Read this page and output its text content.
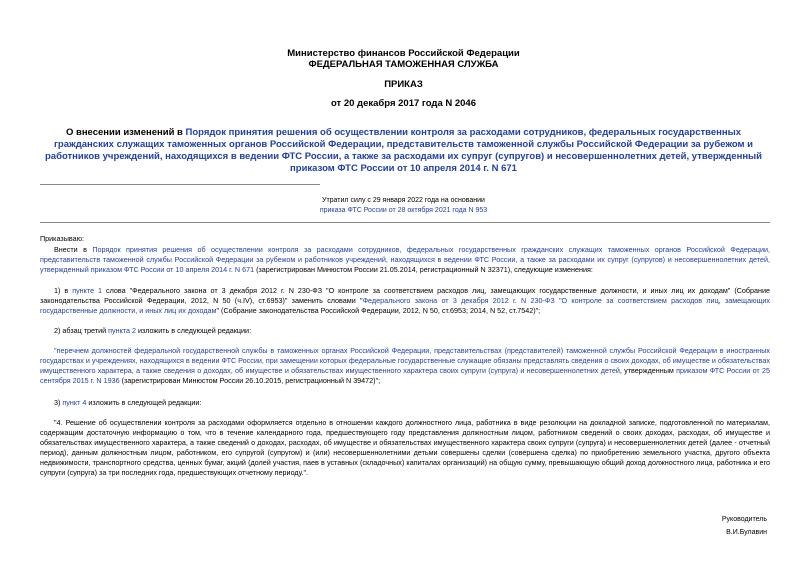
Министерство финансов Российской Федерации
ФЕДЕРАЛЬНАЯ ТАМОЖЕННАЯ СЛУЖБА
ПРИКАЗ
от 20 декабря 2017 года N 2046
О внесении изменений в Порядок принятия решения об осуществлении контроля за расходами сотрудников, федеральных государственных гражданских служащих таможенных органов Российской Федерации, представительств таможенной службы Российской Федерации за рубежом и работников учреждений, находящихся в ведении ФТС России, а также за расходами их супруг (супругов) и несовершеннолетних детей, утвержденный приказом ФТС России от 10 апреля 2014 г. N 671
Утратил силу с 29 января 2022 года на основании
приказа ФТС России от 28 октября 2021 года N 953
Приказываю:
Внести в Порядок принятия решения об осуществлении контроля за расходами сотрудников, федеральных государственных гражданских служащих таможенных органов Российской Федерации, представительств таможенной службы Российской Федерации за рубежом и работников учреждений, находящихся в ведении ФТС России, а также за расходами их супруг (супругов) и несовершеннолетних детей, утвержденный приказом ФТС России от 10 апреля 2014 г. N 671 (зарегистрирован Минюстом России 21.05.2014, регистрационный N 32371), следующие изменения:
1) в пункте 1 слова "Федерального закона от 3 декабря 2012 г. N 230-ФЗ "О контроле за соответствием расходов лиц, замещающих государственные должности, и иных лиц их доходам" (Собрание законодательства Российской Федерации, 2012, N 50 (ч.IV), ст.6953)" заменить словами "Федерального закона от 3 декабря 2012 г. N 230-ФЗ "О контроле за соответствием расходов лиц, замещающих государственные должности, и иных лиц их доходам" (Собрание законодательства Российской Федерации, 2012, N 50, ст.6953; 2014, N 52, ст.7542)";
2) абзац третий пункта 2 изложить в следующей редакции:
"перечнем должностей федеральной государственной службы в таможенных органах Российской Федерации, представительствах (представителей) таможенной службы Российской Федерации в иностранных государствах и учреждениях, находящихся в ведении ФТС России, при замещении которых федеральные государственные служащие обязаны представлять сведения о своих доходах, об имуществе и обязательствах имущественного характера, а также сведения о доходах, об имуществе и обязательствах имущественного характера своих супруги (супруга) и несовершеннолетних детей, утвержденным приказом ФТС России от 25 сентября 2015 г. N 1936 (зарегистрирован Минюстом России 26.10.2015, регистрационный N 39472)";
3) пункт 4 изложить в следующей редакции:
"4. Решение об осуществлении контроля за расходами оформляется отдельно в отношении каждого должностного лица, работника в виде резолюции на докладной записке, подготовленной по материалам, содержащим достаточную информацию о том, что в течение календарного года, предшествующего году представления должностным лицом, работником сведений о своих доходах, расходах, об имуществе и обязательствах имущественного характера, а также сведений о доходах, расходах, об имуществе и обязательствах имущественного характера своих супруги (супруга) и несовершеннолетних детей (далее - отчетный период), данным должностным лицом, работником, его супругой (супругом) и (или) несовершеннолетними детьми совершены сделки (совершена сделка) по приобретению земельного участка, другого объекта недвижимости, транспортного средства, ценных бумаг, акций (долей участия, паев в уставных (складочных) капиталах организаций) на общую сумму, превышающую общий доход должностного лица, работника и его супруги (супруга) за три последних года, предшествующих отчетному периоду.".
Руководитель
В.И.Булавин
